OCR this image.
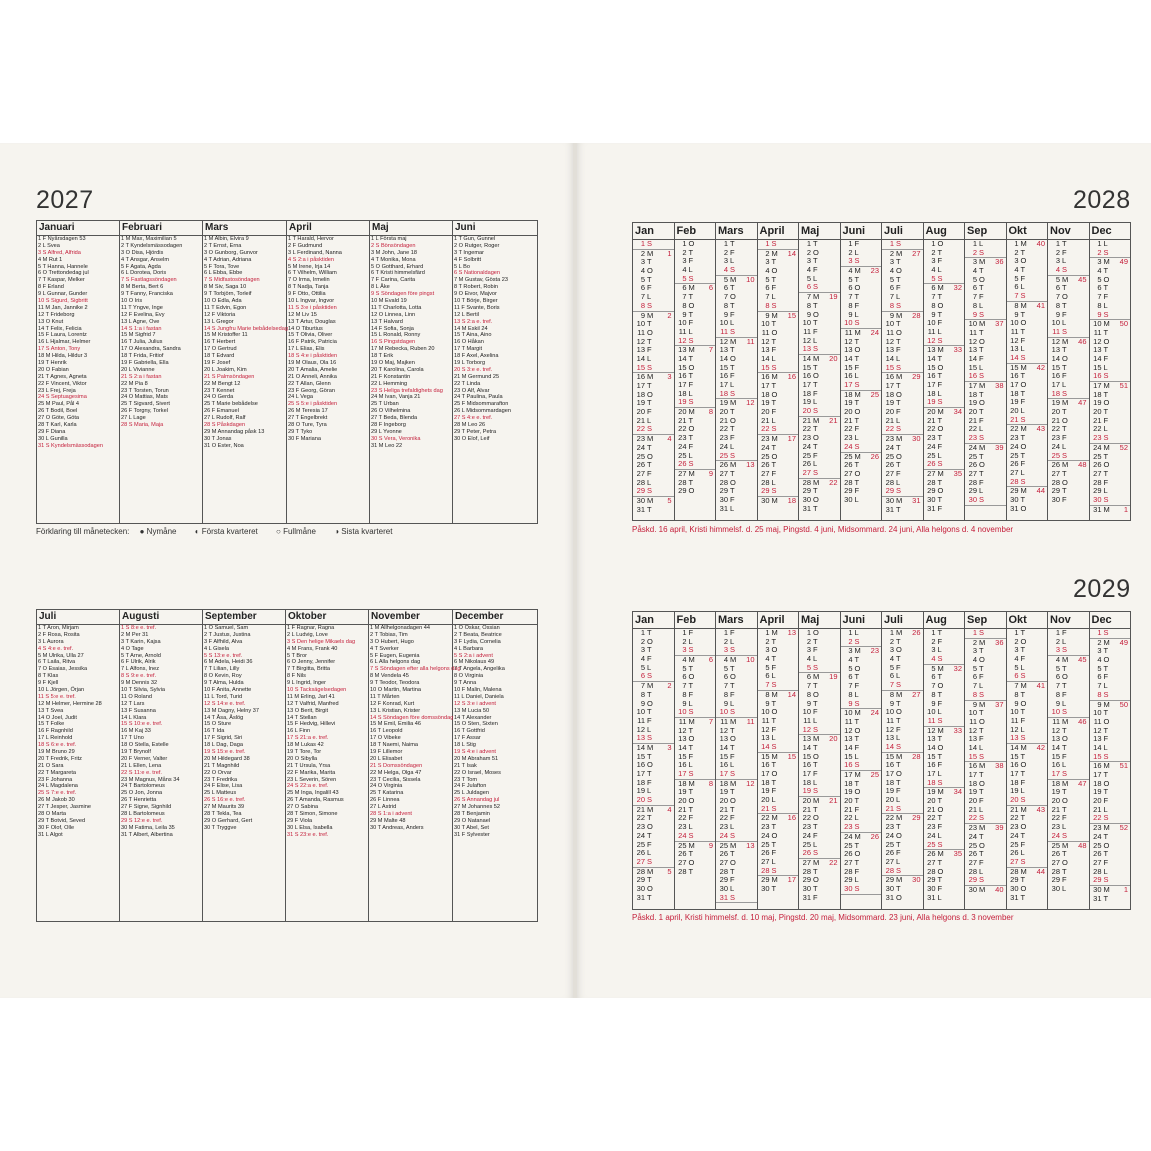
2027
Januari
1 F Nyårsdagen 53
2 L Svea
3 S Alfred, Alfrida
4 M Rut 1
5 T Hanna, Hannele
6 O Trettondedag jul
7 T Kaspar, Melker
8 F Erland
9 L Gunnar, Gunder
10 S Sigurd, Sigbritt
11 M Jan, Jannike 2
12 T Frideborg
13 O Knut
14 T Felix, Felicia
15 F Laura, Lorentz
16 L Hjalmar, Helmer
17 S Anton, Tony
18 M Hilda, Hildur 3
19 T Henrik
20 O Fabian
21 T Agnes, Agneta
22 F Vincent, Viktor
23 L Frej, Freja
24 S Septuagesima
25 M Paul, Pål 4
26 T Bodil, Boel
27 O Göte, Göta
28 T Karl, Karla
29 F Diana
30 L Gunilla
31 S Kyndelsmässodagen
Februari
1 M Max, Maximilian 5
2 T Kyndelsmässodagen
3 O Disa, Hjördis
4 T Ansgar, Anselm
5 F Agata, Agda
6 L Dorotea, Doris
7 S Fastlagssöndagen
8 M Berta, Bert 6
9 T Fanny, Franciska
10 O Iris
11 T Yngve, Inge
12 F Evelina, Evy
13 L Agne, Ove
14 S 1:a i fastan
15 M Sigfrid 7
16 T Julia, Julius
17 O Alexandra, Sandra
18 T Frida, Fritiof
19 F Gabriella, Ella
20 L Vivianne
21 S 2:a i fastan
22 M Pia 8
23 T Torsten, Torun
24 O Mattias, Mats
25 T Sigvard, Sivert
26 F Torgny, Torkel
27 L Lage
28 S Maria, Maja
Mars
1 M Albin, Elvira 9
2 T Ernst, Erna
3 O Gunborg, Gunvor
4 T Adrian, Adriana
5 F Tora, Tove
6 L Ebba, Ebbe
7 S Midfastosöndagen
8 M Siv, Saga 10
9 T Torbjörn, Torleif
10 O Edla, Ada
11 T Edvin, Egon
12 F Viktoria
13 L Gregor
14 S Jungfru Marie bebådelsedag
15 M Kristoffer 11
16 T Herbert
17 O Gertrud
18 T Edvard
19 F Josef
20 L Joakim, Kim
21 S Palmsöndagen
22 M Bengt 12
23 T Kennet
24 O Gerda
25 T Marie bebådelse
26 F Emanuel
27 L Rudolf, Ralf
28 S Påskdagen
29 M Annandag påsk 13
30 T Jonas
31 O Ester, Noa
April
1 T Harald, Hervor
2 F Gudmund
3 L Ferdinand, Nanna
4 S 2:a i påsktiden
5 M Irene, Irja 14
6 T Vilhelm, William
7 O Irma, Irmelin
8 T Nadja, Tanja
9 F Otto, Ottilia
10 L Ingvar, Ingvor
11 S 3:e i påsktiden
12 M Liv 15
13 T Artur, Douglas
14 O Tiburtius
15 T Olivia, Oliver
16 F Patrik, Patricia
17 L Elias, Elis
18 S 4:e i påsktiden
19 M Olaus, Ola 16
20 T Amalia, Amelie
21 O Anneli, Annika
22 T Allan, Glenn
23 F Georg, Göran
24 L Vega
25 S 5:e i påsktiden
26 M Teresia 17
27 T Engelbrekt
28 O Ture, Tyra
29 T Tyko
30 F Mariana
Maj
1 L Första maj
2 S Bönsöndagen
3 M John, Jane 18
4 T Monika, Mona
5 O Gotthard, Erhard
6 T Kristi himmelsfärd
7 F Carina, Carita
8 L Åke
9 S Söndagen före pingst
10 M Evald 19
11 T Charlotta, Lotta
12 O Linnea, Linn
13 T Halvard
14 F Sofia, Sonja
15 L Ronald, Ronny
16 S Pingstdagen
17 M Rebecka, Ruben 20
18 T Erik
19 O Maj, Majken
20 T Karolina, Carola
21 F Konstantin
22 L Hemming
23 S Heliga trefaldighets dag
24 M Ivan, Vanja 21
25 T Urban
26 O Vilhelmina
27 T Beda, Blenda
28 F Ingeborg
29 L Yvonne
30 S Vera, Veronika
31 M Leo 22
Juni
1 T Gun, Gunnel
2 O Rutger, Roger
3 T Ingemar
4 F Solbritt
5 L Bo
6 S Nationaldagen
7 M Gustav, Gösta 23
8 T Robert, Robin
9 O Eivor, Majvor
10 T Börje, Birger
11 F Svante, Boris
12 L Bertil
13 S 2:a e. tref.
14 M Eskil 24
15 T Aina, Aino
16 O Håkan
17 T Margit
18 F Axel, Axelina
19 L Torborg
20 S 3:e e. tref.
21 M Germund 25
22 T Linda
23 O Alf, Alvar
24 T Paulina, Paula
25 F Midsommarafton
26 L Midsommardagen
27 S 4:e e. tref.
28 M Leo 26
29 T Peter, Petra
30 O Elof, Leif
Förklaring till månetecken: ● Nymåne ◐ Första kvarteret ○ Fullmåne ◑ Sista kvarteret
Juli
1 T Aron, Mirjam
2 F Rosa, Rosita
3 L Aurora
4 S 4:e e. tref.
5 M Ulrika, Ulla 27
6 T Laila, Ritva
7 O Esaias, Jessika
8 T Klas
9 F Kjell
10 L Jörgen, Örjan
11 S 5:e e. tref.
12 M Helmer, Hermine 28
13 T Svea
14 O Joel, Judit
15 T Folke
16 F Ragnhild
17 L Reinhold
18 S 6:e e. tref.
19 M Bruno 29
20 T Fredrik, Fritz
21 O Sara
22 T Margareta
23 F Johanna
24 L Magdalena
25 S 7:e e. tref.
26 M Jakob 30
27 T Jesper, Jasmine
28 O Marta
29 T Botvid, Seved
30 F Olof, Olle
31 L Algot
Augusti
1 S 8:e e. tref.
2 M Per 31
3 T Karin, Kajsa
4 O Tage
5 T Arne, Arnold
6 F Ulrik, Alrik
7 L Alfons, Inez
8 S 9:e e. tref.
9 M Dennis 32
10 T Silvia, Sylvia
11 O Roland
12 T Lars
13 F Susanna
14 L Klara
15 S 10:e e. tref.
16 M Kaj 33
17 T Uno
18 O Stella, Estelle
19 T Brynolf
20 F Verner, Valter
21 L Ellen, Lena
22 S 11:e e. tref.
23 M Magnus, Måns 34
24 T Bartolomeus
25 O Jon, Jonna
26 T Henrietta
27 F Signe, Signhild
28 L Bartolomeus
29 S 12:e e. tref.
30 M Fatima, Leila 35
31 T Albert, Albertina
September
1 O Samuel, Sam
2 T Justus, Justina
3 F Alfhild, Alva
4 L Gisela
5 S 13:e e. tref.
6 M Adela, Heidi 36
7 T Lilian, Lilly
8 O Kevin, Roy
9 T Alma, Hulda
10 F Anita, Annette
11 L Tord, Turid
12 S 14:e e. tref.
13 M Dagny, Helny 37
14 T Åsa, Åslög
15 O Sture
16 T Ida
17 F Sigrid, Siri
18 L Dag, Daga
19 S 15:e e. tref.
20 M Hildegard 38
21 T Magnhild
22 O Orvar
23 T Fredrika
24 F Elise, Lisa
25 L Matteus
26 S 16:e e. tref.
27 M Maurits 39
28 T Tekla, Tea
29 O Gerhard, Gert
30 T Tryggve
Oktober
1 F Ragnar, Ragna
2 L Ludvig, Love
3 S Den helige Mikaels dag
4 M Frans, Frank 40
5 T Bror
6 O Jenny, Jennifer
7 T Birgitta, Britta
8 F Nils
9 L Ingrid, Inger
10 S Tacksägelsedagen
11 M Erling, Jarl 41
12 T Valfrid, Manfred
13 O Berit, Birgit
14 T Stellan
15 F Hedvig, Hillevi
16 L Finn
17 S 21:a e. tref.
18 M Lukas 42
19 T Tore, Tor
20 O Sibylla
21 T Ursula, Yrsa
22 F Marika, Marita
23 L Severin, Sören
24 S 22:a e. tref.
25 M Inga, Ingalill 43
26 T Amanda, Rasmus
27 O Sabina
28 T Simon, Simone
29 F Viola
30 L Elsa, Isabella
31 S 23:e e. tref.
November
1 M Allhelgonadagen 44
2 T Tobias, Tim
3 O Hubert, Hugo
4 T Sverker
5 F Eugen, Eugenia
6 L Alla helgons dag
7 S Söndagen efter alla helgons dag
8 M Vendela 45
9 T Teodor, Teodora
10 O Martin, Martina
11 T Mårten
12 F Konrad, Kurt
13 L Kristian, Krister
14 S Söndagen före domssöndag
15 M Emil, Emilia 46
16 T Leopold
17 O Vibeke
18 T Naemi, Naima
19 F Lillemor
20 L Elisabet
21 S Domssöndagen
22 M Helga, Olga 47
23 T Cecilia, Sissela
24 O Virginia
25 T Katarina
26 F Linnea
27 L Astrid
28 S 1:a i advent
29 M Malte 48
30 T Andreas, Anders
December
1 O Oskar, Ossian
2 T Beata, Beatrice
3 F Lydia, Cornelia
4 L Barbara
5 S 2:a i advent
6 M Nikolaus 49
7 T Angela, Angelika
8 O Virginia
9 T Anna
10 F Malin, Malena
11 L Daniel, Daniela
12 S 3:e i advent
13 M Lucia 50
14 T Alexander
15 O Sten, Sixten
16 T Gottfrid
17 F Assar
18 L Stig
19 S 4:e i advent
20 M Abraham 51
21 T Isak
22 O Israel, Moses
23 T Tom
24 F Julafton
25 L Juldagen
26 S Annandag jul
27 M Johannes 52
28 T Benjamin
29 O Natanael
30 T Abel, Set
31 F Sylvester
2028
Jan
1 S
2 M 1
3 T
4 O
5 T
6 F
7 L
8 S
9 M 2
10 T
11 O
12 T
13 F
14 L
15 S
16 M 3
17 T
18 O
19 T
20 F
21 L
22 S
23 M 4
24 T
25 O
26 T
27 F
28 L
29 S
30 M 5
31 T
Feb
1 O
2 T
3 F
4 L
5 S
6 M 6
7 T
8 O
9 T
10 F
11 L
12 S
13 M 7
14 T
15 O
16 T
17 F
18 L
19 S
20 M 8
21 T
22 O
23 T
24 F
25 L
26 S
27 M 9
28 T
29 O
Mars
1 T
2 F
3 L
4 S
5 M 10
6 T
7 O
8 T
9 F
10 L
11 S
12 M 11
13 T
14 O
15 T
16 F
17 L
18 S
19 M 12
20 T
21 O
22 T
23 F
24 L
25 S
26 M 13
27 T
28 O
29 T
30 F
31 L
April
1 S
2 M 14
3 T
4 O
5 T
6 F
7 L
8 S
9 M 15
10 T
11 O
12 T
13 F
14 L
15 S
16 M 16
17 T
18 O
19 T
20 F
21 L
22 S
23 M 17
24 T
25 O
26 T
27 F
28 L
29 S
30 M 18
Maj
1 T
2 O
3 T
4 F
5 L
6 S
7 M 19
8 T
9 O
10 T
11 F
12 L
13 S
14 M 20
15 T
16 O
17 T
18 F
19 L
20 S
21 M 21
22 T
23 O
24 T
25 F
26 L
27 S
28 M 22
29 T
30 O
31 T
Juni
1 F
2 L
3 S
4 M 23
5 T
6 O
7 T
8 F
9 L
10 S
11 M 24
12 T
13 O
14 T
15 F
16 L
17 S
18 M 25
19 T
20 O
21 T
22 F
23 L
24 S
25 M 26
26 T
27 O
28 T
29 F
30 L
Juli
1 S
2 M 27
3 T
4 O
5 T
6 F
7 L
8 S
9 M 28
10 T
11 O
12 T
13 F
14 L
15 S
16 M 29
17 T
18 O
19 T
20 F
21 L
22 S
23 M 30
24 T
25 O
26 T
27 F
28 L
29 S
30 M 31
31 T
Aug
1 O
2 T
3 F
4 L
5 S
6 M 32
7 T
8 O
9 T
10 F
11 L
12 S
13 M 33
14 T
15 O
16 T
17 F
18 L
19 S
20 M 34
21 T
22 O
23 T
24 F
25 L
26 S
27 M 35
28 T
29 O
30 T
31 F
Sep
1 L
2 S
3 M 36
4 T
5 O
6 T
7 F
8 L
9 S
10 M 37
11 T
12 O
13 T
14 F
15 L
16 S
17 M 38
18 T
19 O
20 T
21 F
22 L
23 S
24 M 39
25 T
26 O
27 T
28 F
29 L
30 S
Okt
1 M 40
2 T
3 O
4 T
5 F
6 L
7 S
8 M 41
9 T
10 O
11 T
12 F
13 L
14 S
15 M 42
16 T
17 O
18 T
19 F
20 L
21 S
22 M 43
23 T
24 O
25 T
26 F
27 L
28 S
29 M 44
30 T
31 O
Nov
1 T
2 F
3 L
4 S
5 M 45
6 T
7 O
8 T
9 F
10 L
11 S
12 M 46
13 T
14 O
15 T
16 F
17 L
18 S
19 M 47
20 T
21 O
22 T
23 F
24 L
25 S
26 M 48
27 T
28 O
29 T
30 F
Dec
1 L
2 S
3 M 49
4 T
5 O
6 T
7 F
8 L
9 S
10 M 50
11 T
12 O
13 T
14 F
15 L
16 S
17 M 51
18 T
19 O
20 T
21 F
22 L
23 S
24 M 52
25 T
26 O
27 T
28 F
29 L
30 S
31 M 1
Påskd. 16 april, Kristi himmelsf. d. 25 maj, Pingstd. 4 juni, Midsommard. 24 juni, Alla helgons d. 4 november
2029
Jan
1 T
2 O
3 T
4 F
5 L
6 S
7 M 2
8 T
9 O
10 T
11 F
12 L
13 S
14 M 3
15 T
16 O
17 T
18 F
19 L
20 S
21 M 4
22 T
23 O
24 T
25 F
26 L
27 S
28 M 5
29 T
30 O
31 T
Feb
1 F
2 L
3 S
4 M 6
5 T
6 O
7 T
8 F
9 L
10 S
11 M 7
12 T
13 O
14 T
15 F
16 L
17 S
18 M 8
19 T
20 O
21 T
22 F
23 L
24 S
25 M 9
26 T
27 O
28 T
Mars
1 F
2 L
3 S
4 M 10
5 T
6 O
7 T
8 F
9 L
10 S
11 M 11
12 T
13 O
14 T
15 F
16 L
17 S
18 M 12
19 T
20 O
21 T
22 F
23 L
24 S
25 M 13
26 T
27 O
28 T
29 F
30 L
31 S
April
1 M 13
2 T
3 O
4 T
5 F
6 L
7 S
8 M 14
9 T
10 O
11 T
12 F
13 L
14 S
15 M 15
16 T
17 O
18 T
19 F
20 L
21 S
22 M 16
23 T
24 O
25 T
26 F
27 L
28 S
29 M 17
30 T
Maj
1 O
2 T
3 F
4 L
5 S
6 M 19
7 T
8 O
9 T
10 F
11 L
12 S
13 M 20
14 T
15 O
16 T
17 F
18 L
19 S
20 M 21
21 T
22 O
23 T
24 F
25 L
26 S
27 M 22
28 T
29 O
30 T
31 F
Juni
1 L
2 S
3 M 23
4 T
5 O
6 T
7 F
8 L
9 S
10 M 24
11 T
12 O
13 T
14 F
15 L
16 S
17 M 25
18 T
19 O
20 T
21 F
22 L
23 S
24 M 26
25 T
26 O
27 T
28 F
29 L
30 S
Juli
1 M 26
2 T
3 O
4 T
5 F
6 L
7 S
8 M 27
9 T
10 O
11 T
12 F
13 L
14 S
15 M 28
16 T
17 O
18 T
19 F
20 L
21 S
22 M 29
23 T
24 O
25 T
26 F
27 L
28 S
29 M 30
30 T
31 O
Aug
1 T
2 F
3 L
4 S
5 M 32
6 T
7 O
8 T
9 F
10 L
11 S
12 M 33
13 T
14 O
15 T
16 F
17 L
18 S
19 M 34
20 T
21 O
22 T
23 F
24 L
25 S
26 M 35
27 T
28 O
29 T
30 F
31 L
Sep
1 S
2 M 36
3 T
4 O
5 T
6 F
7 L
8 S
9 M 37
10 T
11 O
12 T
13 F
14 L
15 S
16 M 38
17 T
18 O
19 T
20 F
21 L
22 S
23 M 39
24 T
25 O
26 T
27 F
28 L
29 S
30 M 40
Okt
1 T
2 O
3 T
4 F
5 L
6 S
7 M 41
8 T
9 O
10 T
11 F
12 L
13 S
14 M 42
15 T
16 O
17 T
18 F
19 L
20 S
21 M 43
22 T
23 O
24 T
25 F
26 L
27 S
28 M 44
29 T
30 O
31 T
Nov
1 F
2 L
3 S
4 M 45
5 T
6 O
7 T
8 F
9 L
10 S
11 M 46
12 T
13 O
14 T
15 F
16 L
17 S
18 M 47
19 T
20 O
21 T
22 F
23 L
24 S
25 M 48
26 T
27 O
28 T
29 F
30 L
Dec
1 S
2 M 49
3 T
4 O
5 T
6 F
7 L
8 S
9 M 50
10 T
11 O
12 T
13 F
14 L
15 S
16 M 51
17 T
18 O
19 T
20 F
21 L
22 S
23 M 52
24 T
25 O
26 T
27 F
28 L
29 S
30 M 1
31 T
Påskd. 1 april, Kristi himmelsf. d. 10 maj, Pingstd. 20 maj, Midsommard. 23 juni, Alla helgons d. 3 november
